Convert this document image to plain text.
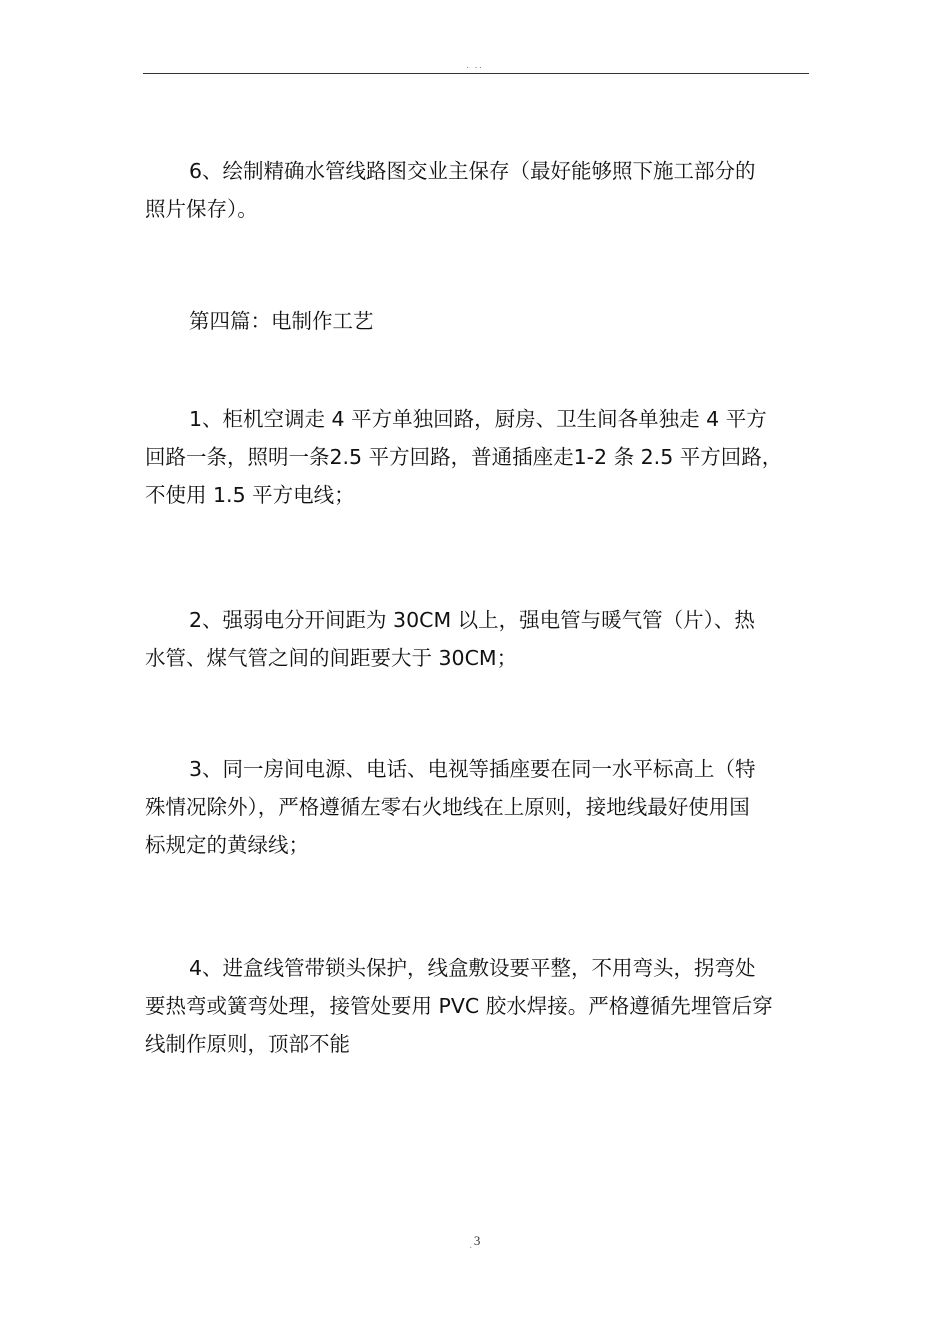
. ..

6、绘制精确水管线路图交业主保存（最好能够照下施工部分的
照片保存）。

第四篇：电制作工艺

1、柜机空调走 4 平方单独回路，厨房、卫生间各单独走 4 平方
回路一条，照明一条2.5 平方回路，普通插座走1-2 条 2.5 平方回路，
不使用 1.5 平方电线；

2、强弱电分开间距为 30CM 以上，强电管与暖气管（片）、热
水管、煤气管之间的间距要大于 30CM；

3、同一房间电源、电话、电视等插座要在同一水平标高上（特
殊情况除外），严格遵循左零右火地线在上原则，接地线最好使用国
标规定的黄绿线；

4、进盒线管带锁头保护，线盒敷设要平整，不用弯头，拐弯处
要热弯或簧弯处理，接管处要用 PVC 胶水焊接。严格遵循先埋管后穿
线制作原则，顶部不能

$_.$ 3
